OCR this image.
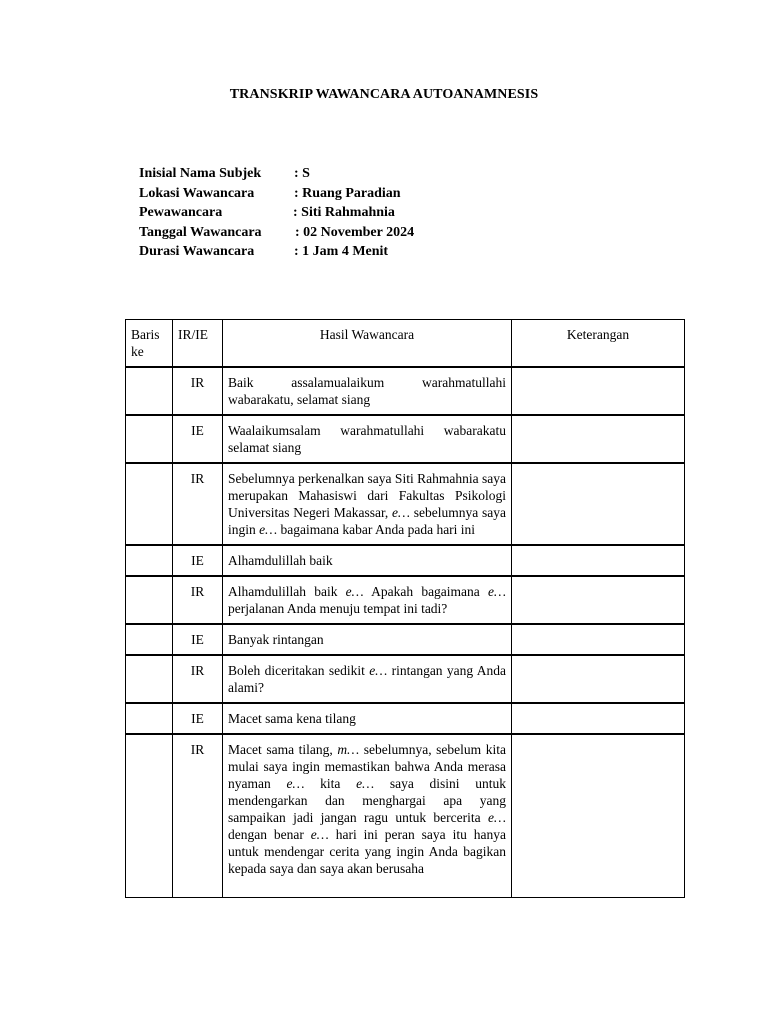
TRANSKRIP WAWANCARA AUTOANAMNESIS
Inisial Nama Subjek : S
Lokasi Wawancara	: Ruang Paradian
Pewawancara	: Siti Rahmahnia
Tanggal Wawancara : 02 November 2024
Durasi Wawancara	: 1 Jam 4 Menit
Baris ke	IR/IE	Hasil Wawancara	Keterangan
	IR	Baik assalamualaikum warahmatullahi wabarakatu, selamat siang	
	IE	Waalaikumsalam warahmatullahi wabarakatu selamat siang	
	IR	Sebelumnya perkenalkan saya Siti Rahmahnia saya merupakan Mahasiswi dari Fakultas Psikologi Universitas Negeri Makassar, e… sebelumnya saya ingin e… bagaimana kabar Anda pada hari ini	
	IE	Alhamdulillah baik	
	IR	Alhamdulillah baik e… Apakah bagaimana e… perjalanan Anda menuju tempat ini tadi?	
	IE	Banyak rintangan	
	IR	Boleh diceritakan sedikit e… rintangan yang Anda alami?	
	IE	Macet sama kena tilang	
	IR	Macet sama tilang, m… sebelumnya, sebelum kita mulai saya ingin memastikan bahwa Anda merasa nyaman e… kita e… saya disini untuk mendengarkan dan menghargai apa yang sampaikan jadi jangan ragu untuk bercerita e… dengan benar e… hari ini peran saya itu hanya untuk mendengar cerita yang ingin Anda bagikan kepada saya dan saya akan berusaha	
